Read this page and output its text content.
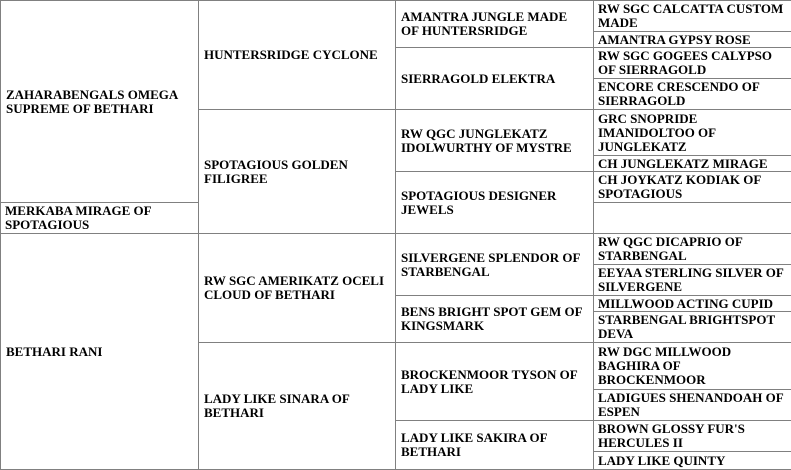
ZAHARABENGALS OMEGA SUPREME OF BETHARI	HUNTERSRIDGE CYCLONE	AMANTRA JUNGLE MADE OF HUNTERSRIDGE	RW SGC CALCATTA CUSTOM MADE
			AMANTRA GYPSY ROSE
		SIERRAGOLD ELEKTRA	RW SGC GOGEES CALYPSO OF SIERRAGOLD
			ENCORE CRESCENDO OF SIERRAGOLD
	SPOTAGIOUS GOLDEN FILIGREE	RW QGC JUNGLEKATZ IDOLWURTHY OF MYSTRE	GRC SNOPRIDE IMANIDOLTOO OF JUNGLEKATZ
			CH JUNGLEKATZ MIRAGE
		SPOTAGIOUS DESIGNER JEWELS	CH JOYKATZ KODIAK OF SPOTAGIOUS
MERKABA MIRAGE OF SPOTAGIOUS			
BETHARI RANI	RW SGC AMERIKATZ OCELI CLOUD OF BETHARI	SILVERGENE SPLENDOR OF STARBENGAL	RW QGC DICAPRIO OF STARBENGAL
			EEYAA STERLING SILVER OF SILVERGENE
		BENS BRIGHT SPOT GEM OF KINGSMARK	MILLWOOD ACTING CUPID
			STARBENGAL BRIGHTSPOT DEVA
	LADY LIKE SINARA OF BETHARI	BROCKENMOOR TYSON OF LADY LIKE	RW DGC MILLWOOD BAGHIRA OF BROCKENMOOR
			LADIGUES SHENANDOAH OF ESPEN
		LADY LIKE SAKIRA OF BETHARI	BROWN GLOSSY FUR'S HERCULES II
			LADY LIKE QUINTY
